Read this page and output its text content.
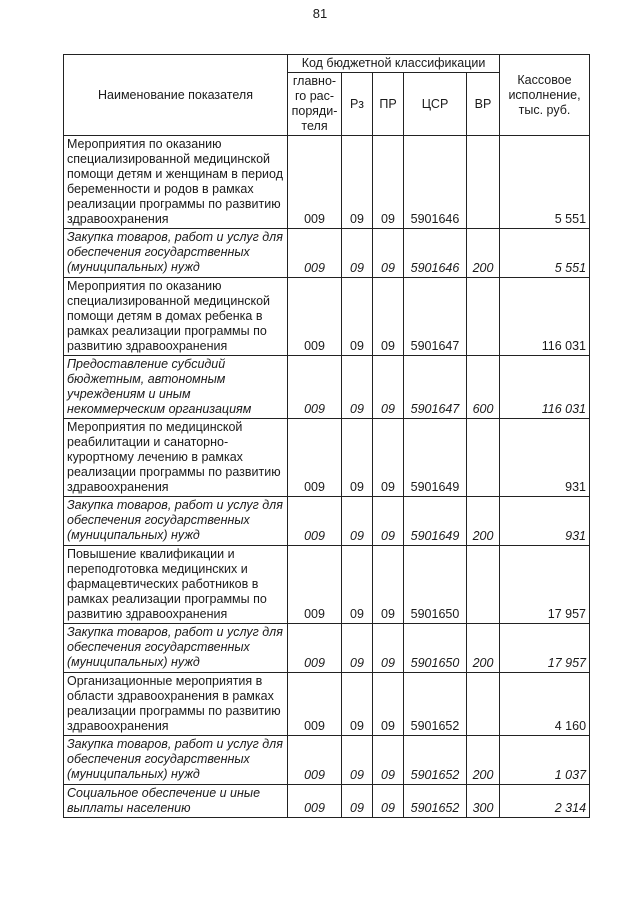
81
Наименование показателя	Код бюджетной классификации					Кассовое исполнение, тыс. руб.
	главно-го рас-поряди-теля	Рз	ПР	ЦСР	ВР	
Мероприятия по оказанию специализированной медицинской помощи детям и женщинам в период беременности и родов в рамках реализации программы по развитию здравоохранения	009	09	09	5901646		5 551
Закупка товаров, работ и услуг для обеспечения государственных (муниципальных) нужд	009	09	09	5901646	200	5 551
Мероприятия по оказанию специализированной медицинской помощи детям в домах ребенка в рамках реализации программы по развитию здравоохранения	009	09	09	5901647		116 031
Предоставление субсидий бюджетным, автономным учреждениям и иным некоммерческим организациям	009	09	09	5901647	600	116 031
Мероприятия по медицинской реабилитации и санаторно-курортному лечению в рамках реализации программы по развитию здравоохранения	009	09	09	5901649		931
Закупка товаров, работ и услуг для обеспечения государственных (муниципальных) нужд	009	09	09	5901649	200	931
Повышение квалификации и переподготовка медицинских и фармацевтических работников в рамках реализации программы по развитию здравоохранения	009	09	09	5901650		17 957
Закупка товаров, работ и услуг для обеспечения государственных (муниципальных) нужд	009	09	09	5901650	200	17 957
Организационные мероприятия в области здравоохранения в рамках реализации программы по развитию здравоохранения	009	09	09	5901652		4 160
Закупка товаров, работ и услуг для обеспечения государственных (муниципальных) нужд	009	09	09	5901652	200	1 037
Социальное обеспечение и иные выплаты населению	009	09	09	5901652	300	2 314
